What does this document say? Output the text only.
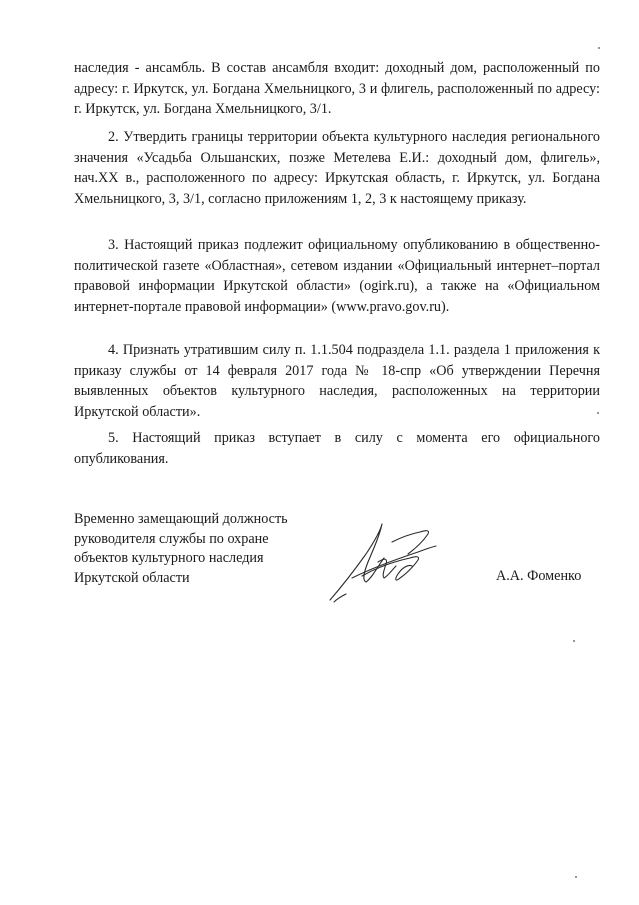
наследия - ансамбль. В состав ансамбля входит: доходный дом, расположенный по адресу: г. Иркутск, ул. Богдана Хмельницкого, 3 и флигель, расположенный по адресу: г. Иркутск, ул. Богдана Хмельницкого, 3/1.

2. Утвердить границы территории объекта культурного наследия регионального значения «Усадьба Ольшанских, позже Метелева Е.И.: доходный дом, флигель», нач.XX в., расположенного по адресу: Иркутская область, г. Иркутск, ул. Богдана Хмельницкого, 3, 3/1, согласно приложениям 1, 2, 3 к настоящему приказу.

3. Настоящий приказ подлежит официальному опубликованию в общественно-политической газете «Областная», сетевом издании «Официальный интернет–портал правовой информации Иркутской области» (ogirk.ru), а также на «Официальном интернет-портале правовой информации» (www.pravo.gov.ru).

4. Признать утратившим силу п. 1.1.504 подраздела 1.1. раздела 1 приложения к приказу службы от 14 февраля 2017 года № 18-спр «Об утверждении Перечня выявленных объектов культурного наследия, расположенных на территории Иркутской области».

5. Настоящий приказ вступает в силу с момента его официального опубликования.

Временно замещающий должность
руководителя службы по охране
объектов культурного наследия
Иркутской области	А.А. Фоменко
